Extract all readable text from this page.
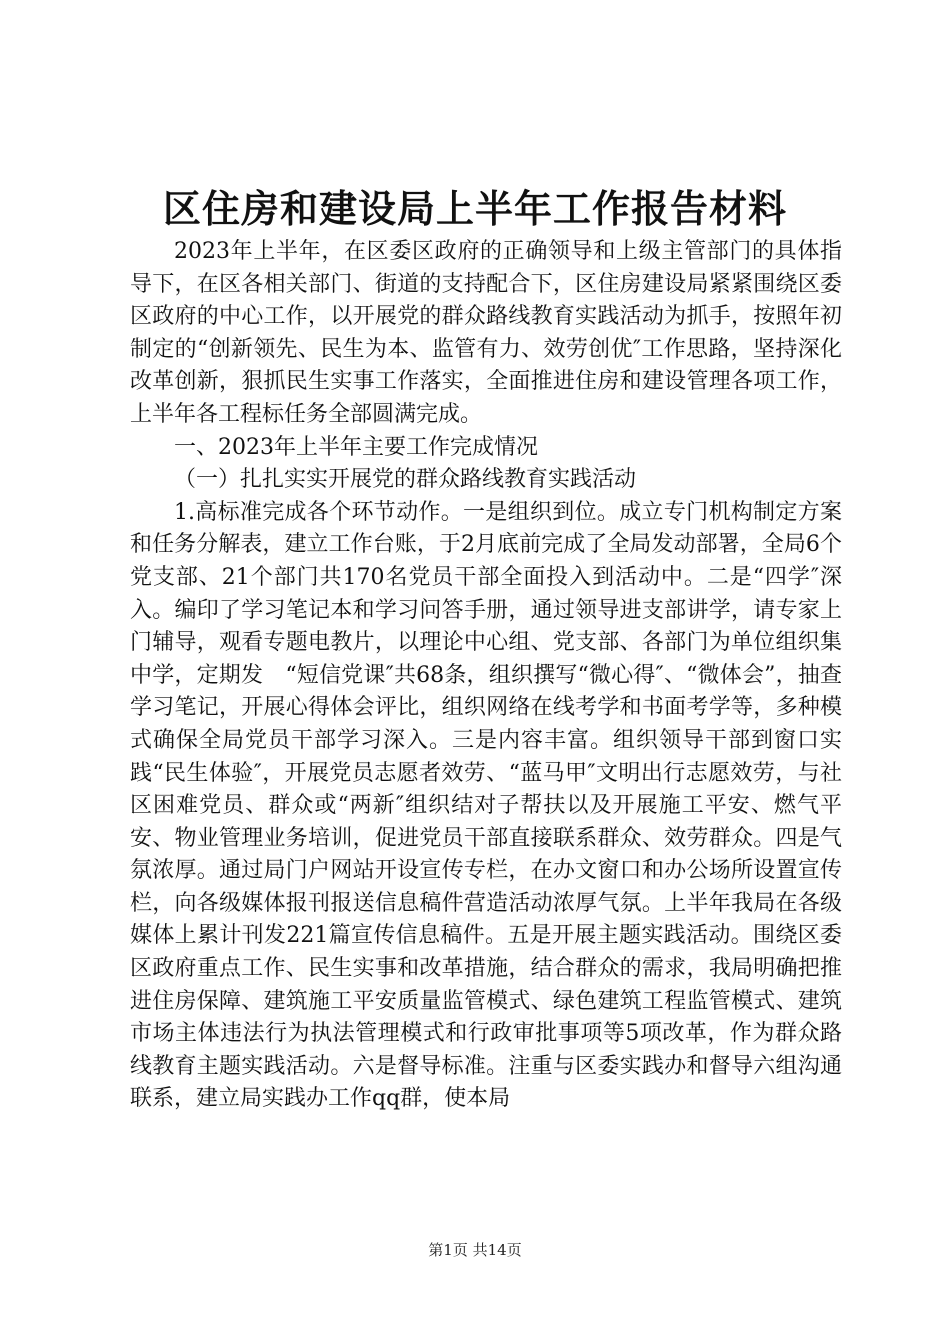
区住房和建设局上半年工作报告材料

2023年上半年，在区委区政府的正确领导和上级主管部门的具体指导下，在区各相关部门、街道的支持配合下，区住房建设局紧紧围绕区委区政府的中心工作，以开展党的群众路线教育实践活动为抓手，按照年初制定的“创新领先、民生为本、监管有力、效劳创优″工作思路，坚持深化改革创新，狠抓民生实事工作落实，全面推进住房和建设管理各项工作，上半年各工程标任务全部圆满完成。

一、2023年上半年主要工作完成情况

（一）扎扎实实开展党的群众路线教育实践活动

1.高标准完成各个环节动作。一是组织到位。成立专门机构制定方案和任务分解表，建立工作台账，于2月底前完成了全局发动部署，全局6个党支部、21个部门共170名党员干部全面投入到活动中。二是“四学″深入。编印了学习笔记本和学习问答手册，通过领导进支部讲学，请专家上门辅导，观看专题电教片，以理论中心组、党支部、各部门为单位组织集中学，定期发　“短信党课″共68条，组织撰写“微心得″、“微体会”，抽查学习笔记，开展心得体会评比，组织网络在线考学和书面考学等，多种模式确保全局党员干部学习深入。三是内容丰富。组织领导干部到窗口实践“民生体验″，开展党员志愿者效劳、“蓝马甲″文明出行志愿效劳，与社区困难党员、群众或“两新″组织结对子帮扶以及开展施工平安、燃气平安、物业管理业务培训，促进党员干部直接联系群众、效劳群众。四是气氛浓厚。通过局门户网站开设宣传专栏，在办文窗口和办公场所设置宣传栏，向各级媒体报刊报送信息稿件营造活动浓厚气氛。上半年我局在各级媒体上累计刊发221篇宣传信息稿件。五是开展主题实践活动。围绕区委区政府重点工作、民生实事和改革措施，结合群众的需求，我局明确把推进住房保障、建筑施工平安质量监管模式、绿色建筑工程监管模式、建筑市场主体违法行为执法管理模式和行政审批事项等5项改革，作为群众路线教育主题实践活动。六是督导标准。注重与区委实践办和督导六组沟通联系，建立局实践办工作qq群，使本局

第1页 共14页
